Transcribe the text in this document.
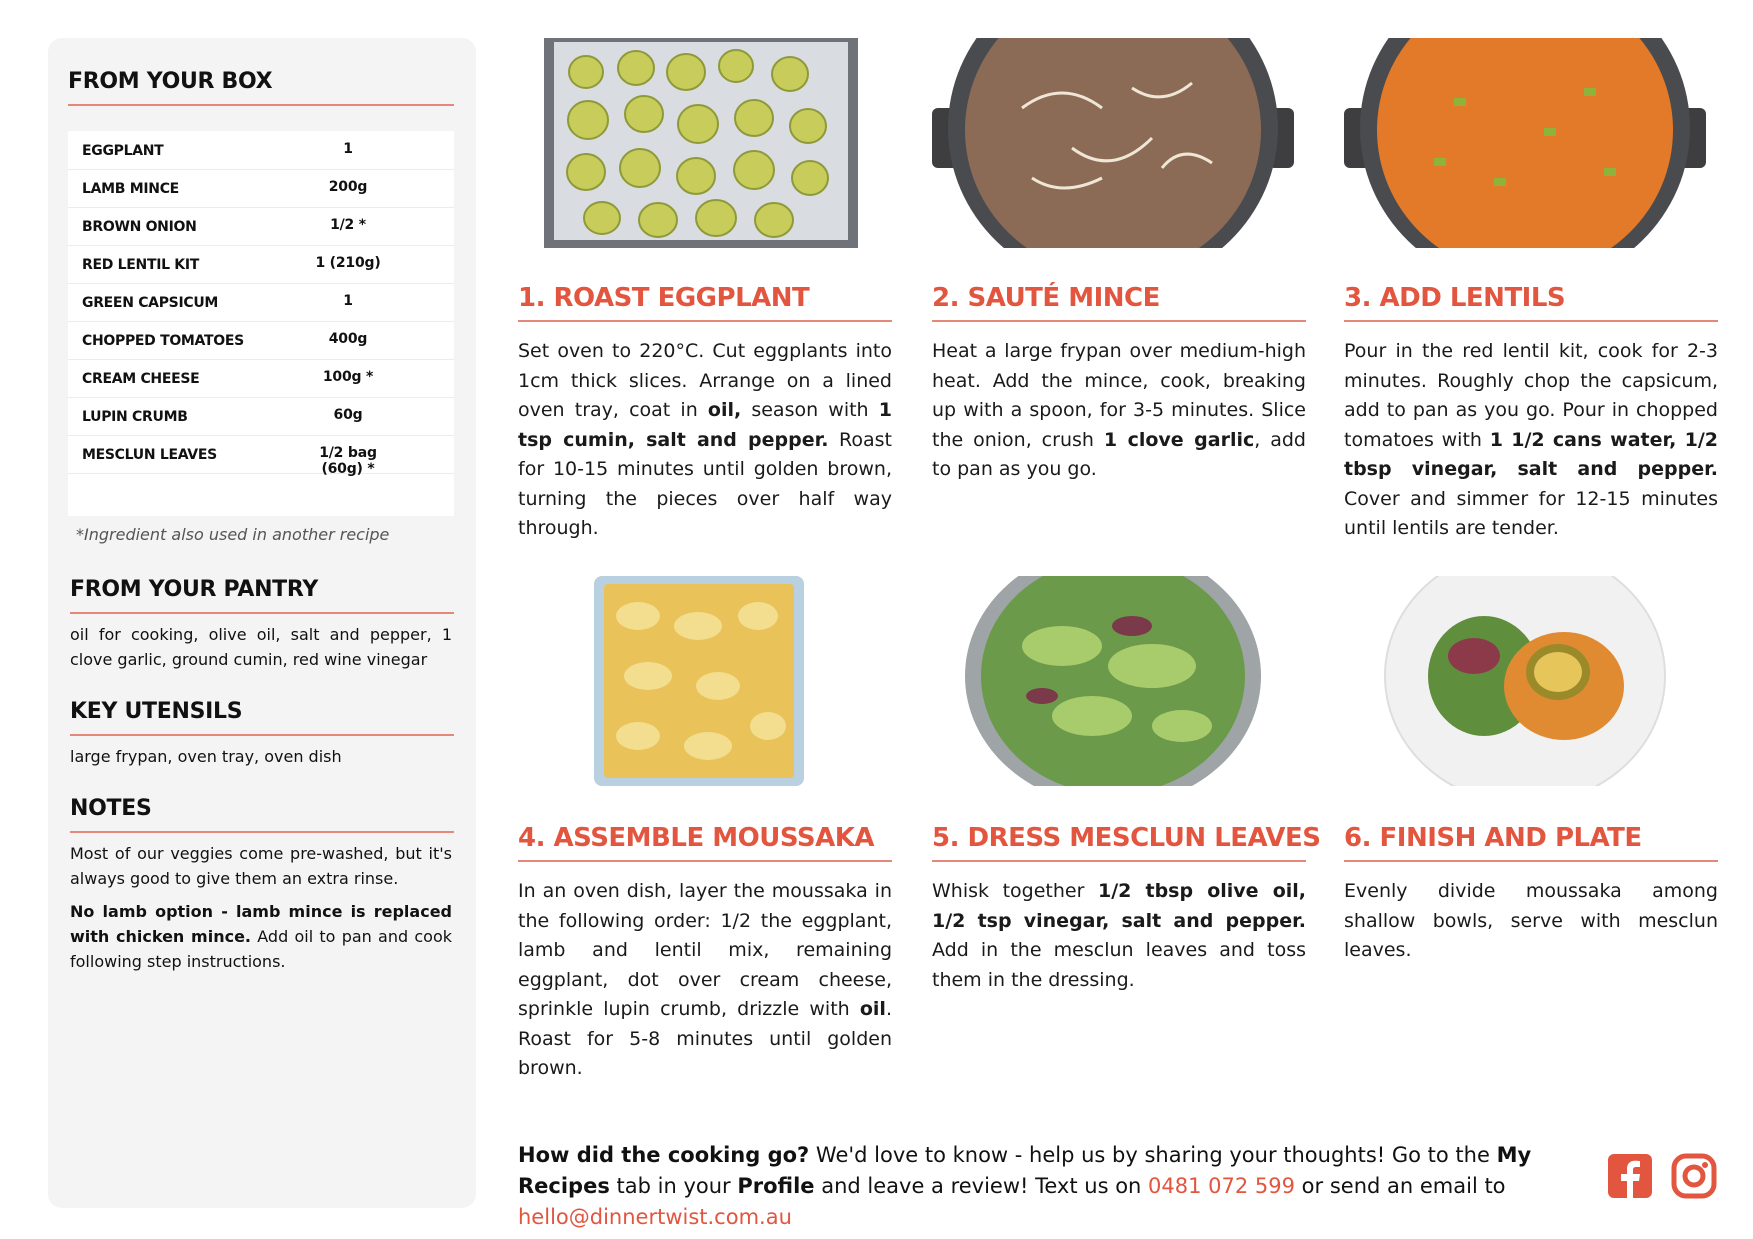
FROM YOUR BOX
EGGPLANT	1
LAMB MINCE	200g
BROWN ONION	1/2 *
RED LENTIL KIT	1 (210g)
GREEN CAPSICUM	1
CHOPPED TOMATOES	400g
CREAM CHEESE	100g *
LUPIN CRUMB	60g
MESCLUN LEAVES	1/2 bag (60g) *
*Ingredient also used in another recipe
FROM YOUR PANTRY
oil for cooking, olive oil, salt and pepper, 1 clove garlic, ground cumin, red wine vinegar
KEY UTENSILS
large frypan, oven tray, oven dish
NOTES
Most of our veggies come pre-washed, but it's always good to give them an extra rinse.
No lamb option - lamb mince is replaced with chicken mince. Add oil to pan and cook following step instructions.
1. ROAST EGGPLANT
Set oven to 220°C. Cut eggplants into 1cm thick slices. Arrange on a lined oven tray, coat in oil, season with 1 tsp cumin, salt and pepper. Roast for 10-15 minutes until golden brown, turning the pieces over half way through.
2. SAUTÉ MINCE
Heat a large frypan over medium-high heat. Add the mince, cook, breaking up with a spoon, for 3-5 minutes. Slice the onion, crush 1 clove garlic, add to pan as you go.
3. ADD LENTILS
Pour in the red lentil kit, cook for 2-3 minutes. Roughly chop the capsicum, add to pan as you go. Pour in chopped tomatoes with 1 1/2 cans water, 1/2 tbsp vinegar, salt and pepper. Cover and simmer for 12-15 minutes until lentils are tender.
4. ASSEMBLE MOUSSAKA
In an oven dish, layer the moussaka in the following order: 1/2 the eggplant, lamb and lentil mix, remaining eggplant, dot over cream cheese, sprinkle lupin crumb, drizzle with oil. Roast for 5-8 minutes until golden brown.
5. DRESS MESCLUN LEAVES
Whisk together 1/2 tbsp olive oil, 1/2 tsp vinegar, salt and pepper. Add in the mesclun leaves and toss them in the dressing.
6. FINISH AND PLATE
Evenly divide moussaka among shallow bowls, serve with mesclun leaves.
How did the cooking go? We'd love to know - help us by sharing your thoughts! Go to the My Recipes tab in your Profile and leave a review! Text us on 0481 072 599 or send an email to hello@dinnertwist.com.au
